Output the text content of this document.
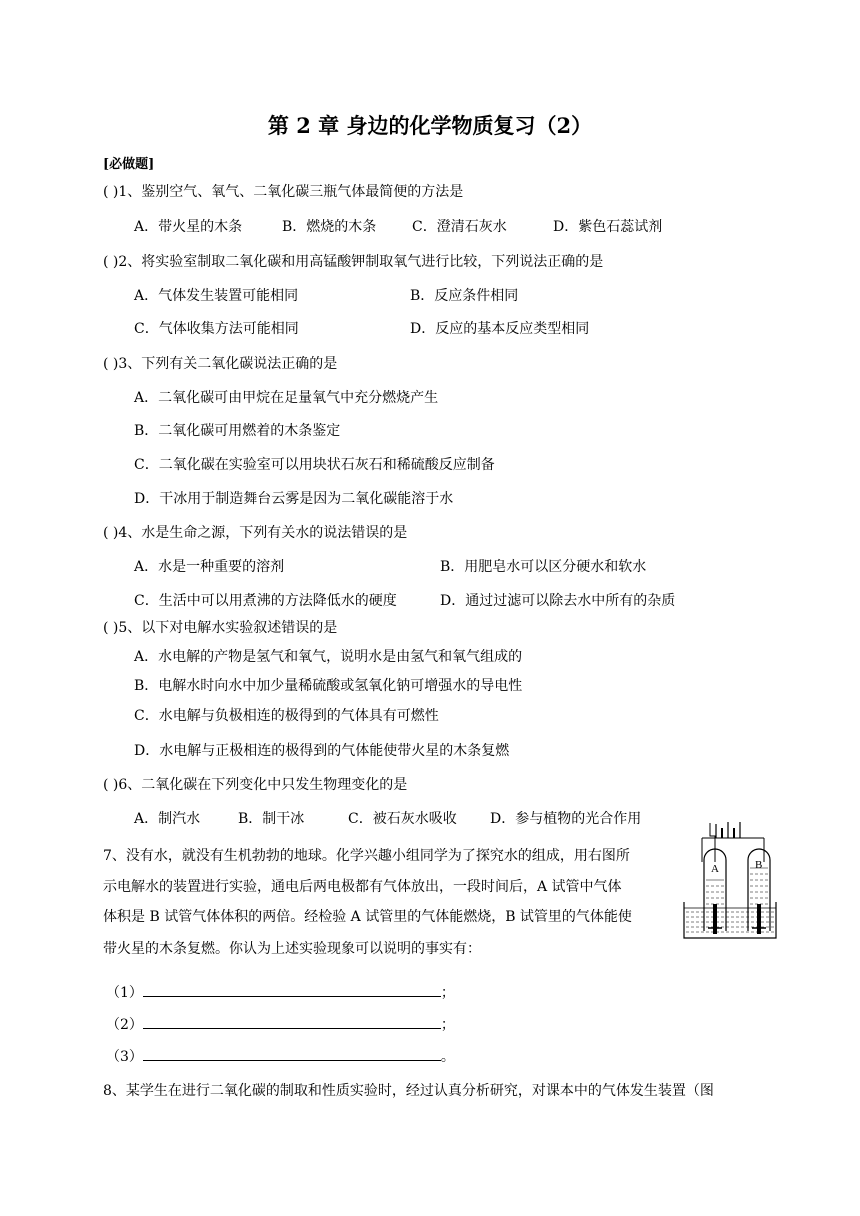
第 2 章 身边的化学物质复习（2）
[必做题]
( )1、鉴别空气、氧气、二氧化碳三瓶气体最简便的方法是
A．带火星的木条	B．燃烧的木条	C．澄清石灰水	D．紫色石蕊试剂
( )2、将实验室制取二氧化碳和用高锰酸钾制取氧气进行比较，下列说法正确的是
A．气体发生装置可能相同	B．反应条件相同
C．气体收集方法可能相同	D．反应的基本反应类型相同
( )3、下列有关二氧化碳说法正确的是
A．二氧化碳可由甲烷在足量氧气中充分燃烧产生
B．二氧化碳可用燃着的木条鉴定
C．二氧化碳在实验室可以用块状石灰石和稀硫酸反应制备
D．干冰用于制造舞台云雾是因为二氧化碳能溶于水
( )4、水是生命之源，下列有关水的说法错误的是
A．水是一种重要的溶剂	B．用肥皂水可以区分硬水和软水
C．生活中可以用煮沸的方法降低水的硬度	D．通过过滤可以除去水中所有的杂质
( )5、以下对电解水实验叙述错误的是
A．水电解的产物是氢气和氧气，说明水是由氢气和氧气组成的
B．电解水时向水中加少量稀硫酸或氢氧化钠可增强水的导电性
C．水电解与负极相连的极得到的气体具有可燃性
D．水电解与正极相连的极得到的气体能使带火星的木条复燃
( )6、二氧化碳在下列变化中只发生物理变化的是
A．制汽水	B．制干冰	C．被石灰水吸收 D．参与植物的光合作用
7、没有水，就没有生机勃勃的地球。化学兴趣小组同学为了探究水的组成，用右图所
示电解水的装置进行实验，通电后两电极都有气体放出，一段时间后，A 试管中气体
体积是 B 试管气体体积的两倍。经检验 A 试管里的气体能燃烧，B 试管里的气体能使
带火星的木条复燃。你认为上述实验现象可以说明的事实有：
（1）	；
（2）	；
（3）	。
8、某学生在进行二氧化碳的制取和性质实验时，经过认真分析研究，对课本中的气体发生装置（图
A	B
